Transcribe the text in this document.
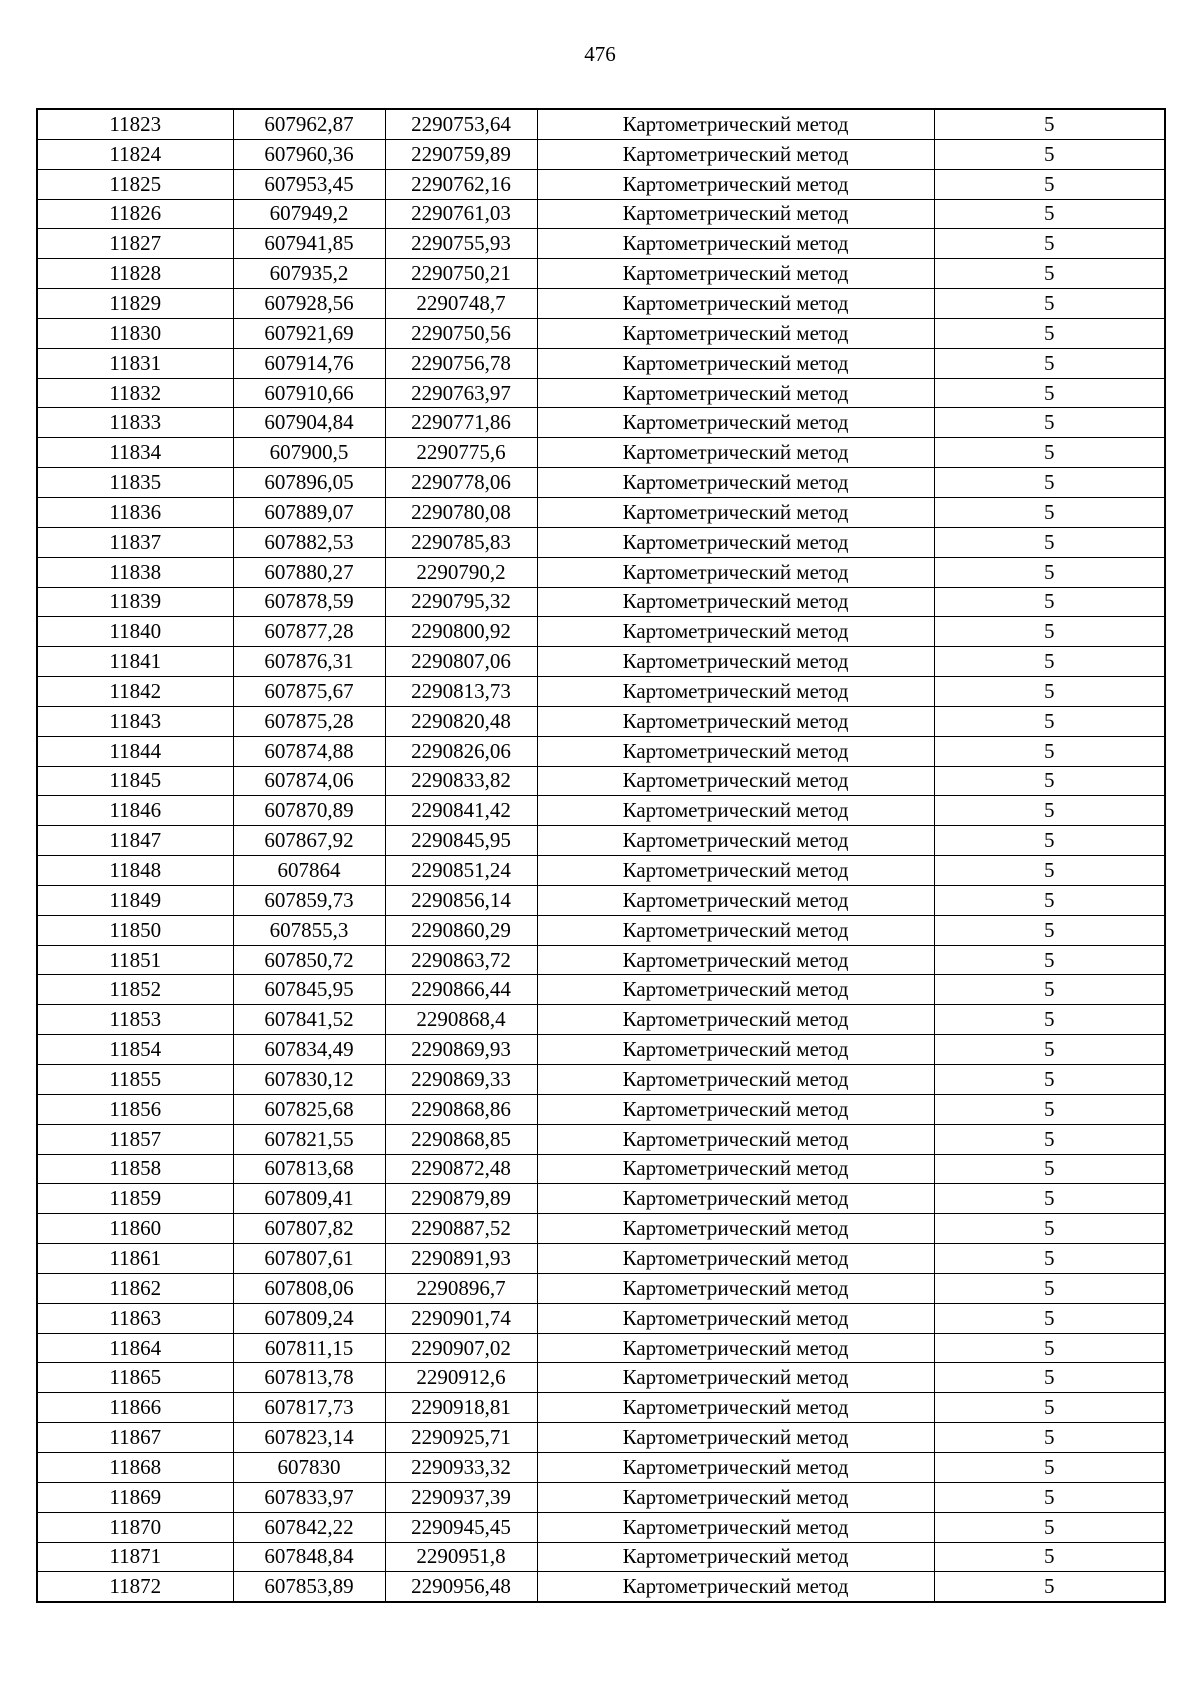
476
11823	607962,87	2290753,64	Картометрический метод	5
11824	607960,36	2290759,89	Картометрический метод	5
11825	607953,45	2290762,16	Картометрический метод	5
11826	607949,2	2290761,03	Картометрический метод	5
11827	607941,85	2290755,93	Картометрический метод	5
11828	607935,2	2290750,21	Картометрический метод	5
11829	607928,56	2290748,7	Картометрический метод	5
11830	607921,69	2290750,56	Картометрический метод	5
11831	607914,76	2290756,78	Картометрический метод	5
11832	607910,66	2290763,97	Картометрический метод	5
11833	607904,84	2290771,86	Картометрический метод	5
11834	607900,5	2290775,6	Картометрический метод	5
11835	607896,05	2290778,06	Картометрический метод	5
11836	607889,07	2290780,08	Картометрический метод	5
11837	607882,53	2290785,83	Картометрический метод	5
11838	607880,27	2290790,2	Картометрический метод	5
11839	607878,59	2290795,32	Картометрический метод	5
11840	607877,28	2290800,92	Картометрический метод	5
11841	607876,31	2290807,06	Картометрический метод	5
11842	607875,67	2290813,73	Картометрический метод	5
11843	607875,28	2290820,48	Картометрический метод	5
11844	607874,88	2290826,06	Картометрический метод	5
11845	607874,06	2290833,82	Картометрический метод	5
11846	607870,89	2290841,42	Картометрический метод	5
11847	607867,92	2290845,95	Картометрический метод	5
11848	607864	2290851,24	Картометрический метод	5
11849	607859,73	2290856,14	Картометрический метод	5
11850	607855,3	2290860,29	Картометрический метод	5
11851	607850,72	2290863,72	Картометрический метод	5
11852	607845,95	2290866,44	Картометрический метод	5
11853	607841,52	2290868,4	Картометрический метод	5
11854	607834,49	2290869,93	Картометрический метод	5
11855	607830,12	2290869,33	Картометрический метод	5
11856	607825,68	2290868,86	Картометрический метод	5
11857	607821,55	2290868,85	Картометрический метод	5
11858	607813,68	2290872,48	Картометрический метод	5
11859	607809,41	2290879,89	Картометрический метод	5
11860	607807,82	2290887,52	Картометрический метод	5
11861	607807,61	2290891,93	Картометрический метод	5
11862	607808,06	2290896,7	Картометрический метод	5
11863	607809,24	2290901,74	Картометрический метод	5
11864	607811,15	2290907,02	Картометрический метод	5
11865	607813,78	2290912,6	Картометрический метод	5
11866	607817,73	2290918,81	Картометрический метод	5
11867	607823,14	2290925,71	Картометрический метод	5
11868	607830	2290933,32	Картометрический метод	5
11869	607833,97	2290937,39	Картометрический метод	5
11870	607842,22	2290945,45	Картометрический метод	5
11871	607848,84	2290951,8	Картометрический метод	5
11872	607853,89	2290956,48	Картометрический метод	5
